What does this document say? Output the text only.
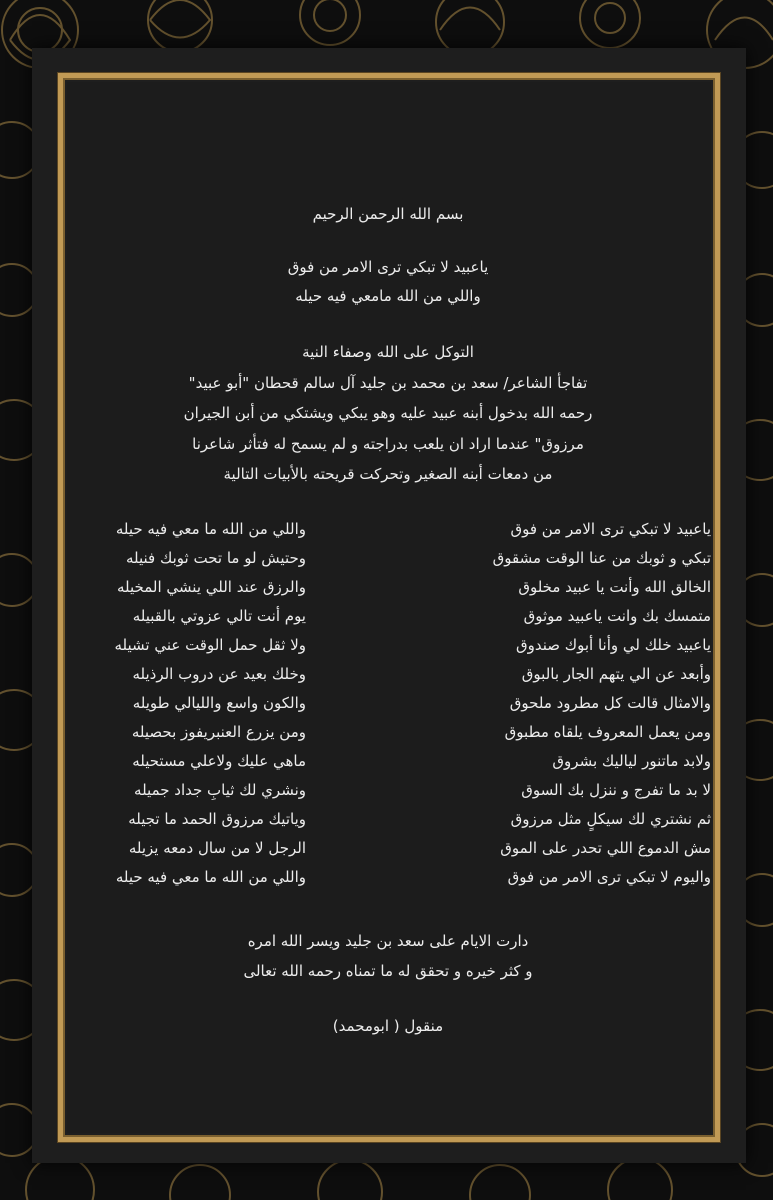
بسم الله الرحمن الرحيم
ياعبيد لا تبكي ترى الامر من فوق
واللي من الله مامعي فيه حيله
التوكل على الله وصفاء النية
تفاجأ الشاعر/ سعد بن محمد بن جليد آل سالم قحطان "أبو عبيد"
رحمه الله بدخول أبنه عبيد عليه وهو يبكي ويشتكي من أبن الجيران
مرزوق" عندما اراد ان يلعب بدراجته و لم يسمح له فتأثر شاعرنا
من دمعات أبنه الصغير وتحركت قريحته بالأبيات التالية
ياعبيد لا تبكي ترى الامر من فوق
واللي من الله ما معي فيه حيله
تبكي و ثوبك من عنا الوقت مشقوق
وحتيش لو ما تحت ثوبك فنيله
الخالق الله وأنت يا عبيد مخلوق
والرزق عند اللي ينشي المخيله
متمسك بك وانت ياعبيد موثوق
يوم أنت تالي عزوتي بالقبيله
ياعبيد خلك لي وأنا أبوك صندوق
ولا ثقل حمل الوقت عني تشيله
وأبعد عن الي يتهم الجار بالبوق
وخلك بعيد عن دروب الرذيله
والامثال قالت كل مطرود ملحوق
والكون واسع والليالي طويله
ومن يعمل المعروف يلقاه مطبوق
ومن يزرع العنبريفوز بحصيله
ولابد ماتنور لياليك بشروق
ماهي عليك ولاعلي مستحيله
لا بد ما تفرج و ننزل بك السوق
ونشري لك ثيابِ جداد جميله
ثم نشتري لك سيكلٍ مثل مرزوق
وياتيك مرزوق الحمد ما تجيله
مش الدموع اللي تحدر على الموق
الرجل لا من سال دمعه يزيله
واليوم لا تبكي ترى الامر من فوق
واللي من الله ما معي فيه حيله
دارت الايام على سعد بن جليد ويسر الله امره
و كثر خيره و تحقق له ما تمناه رحمه الله تعالى
منقول ( ابومحمد)
